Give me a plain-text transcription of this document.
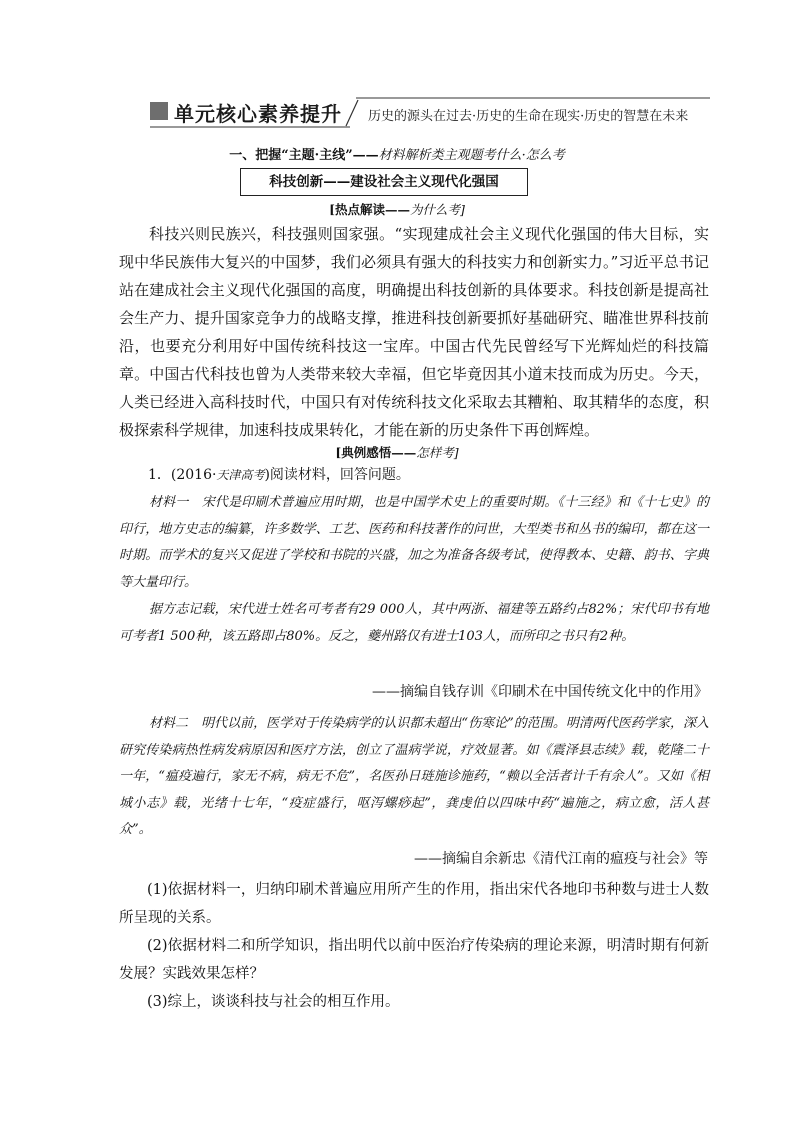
单元核心素养提升 历史的源头在过去·历史的生命在现实·历史的智慧在未来
一、把握“主题·主线”——材料解析类主观题考什么·怎么考
科技创新——建设社会主义现代化强国
[热点解读——为什么考]

科技兴则民族兴，科技强则国家强。“实现建成社会主义现代化强国的伟大目标，实现中华民族伟大复兴的中国梦，我们必须具有强大的科技实力和创新实力。”习近平总书记站在建成社会主义现代化强国的高度，明确提出科技创新的具体要求。科技创新是提高社会生产力、提升国家竞争力的战略支撑，推进科技创新要抓好基础研究、瞄准世界科技前沿，也要充分利用好中国传统科技这一宝库。中国古代先民曾经写下光辉灿烂的科技篇章。中国古代科技也曾为人类带来较大幸福，但它毕竟因其小道末技而成为历史。今天，人类已经进入高科技时代，中国只有对传统科技文化采取去其糟粕、取其精华的态度，积极探索科学规律，加速科技成果转化，才能在新的历史条件下再创辉煌。

[典例感悟——怎样考]
1．(2016·天津高考)阅读材料，回答问题。

材料一　 宋代是印刷术普遍应用时期，也是中国学术史上的重要时期。《十三经》和《十七史》的印行，地方史志的编纂，许多数学、工艺、医药和科技著作的问世，大型类书和丛书的编印，都在这一时期。而学术的复兴又促进了学校和书院的兴盛，加之为准备各级考试，使得教本、史籍、韵书、字典等大量印行。

据方志记载，宋代进士姓名可考者有29 000人，其中两浙、福建等五路约占82%；宋代印书有地可考者1 500种，该五路即占80%。反之，夔州路仅有进士103人，而所印之书只有2种。

——摘编自钱存训《印刷术在中国传统文化中的作用》

材料二　 明代以前，医学对于传染病学的认识都未超出“伤寒论”的范围。明清两代医药学家，深入研究传染病热性病发病原因和医疗方法，创立了温病学说，疗效显著。如《震泽县志续》载，乾隆二十一年，“瘟疫遍行，家无不病，病无不危”，名医孙日琏施诊施药，“赖以全活者计千有余人”。又如《相城小志》载，光绪十七年，“疫症盛行，呕泻螺痧起”，龚虔伯以四味中药“遍施之，病立愈，活人甚众”。

——摘编自余新忠《清代江南的瘟疫与社会》等

(1)依据材料一，归纳印刷术普遍应用所产生的作用，指出宋代各地印书种数与进士人数所呈现的关系。

(2)依据材料二和所学知识，指出明代以前中医治疗传染病的理论来源，明清时期有何新发展？实践效果怎样？

(3)综上，谈谈科技与社会的相互作用。
